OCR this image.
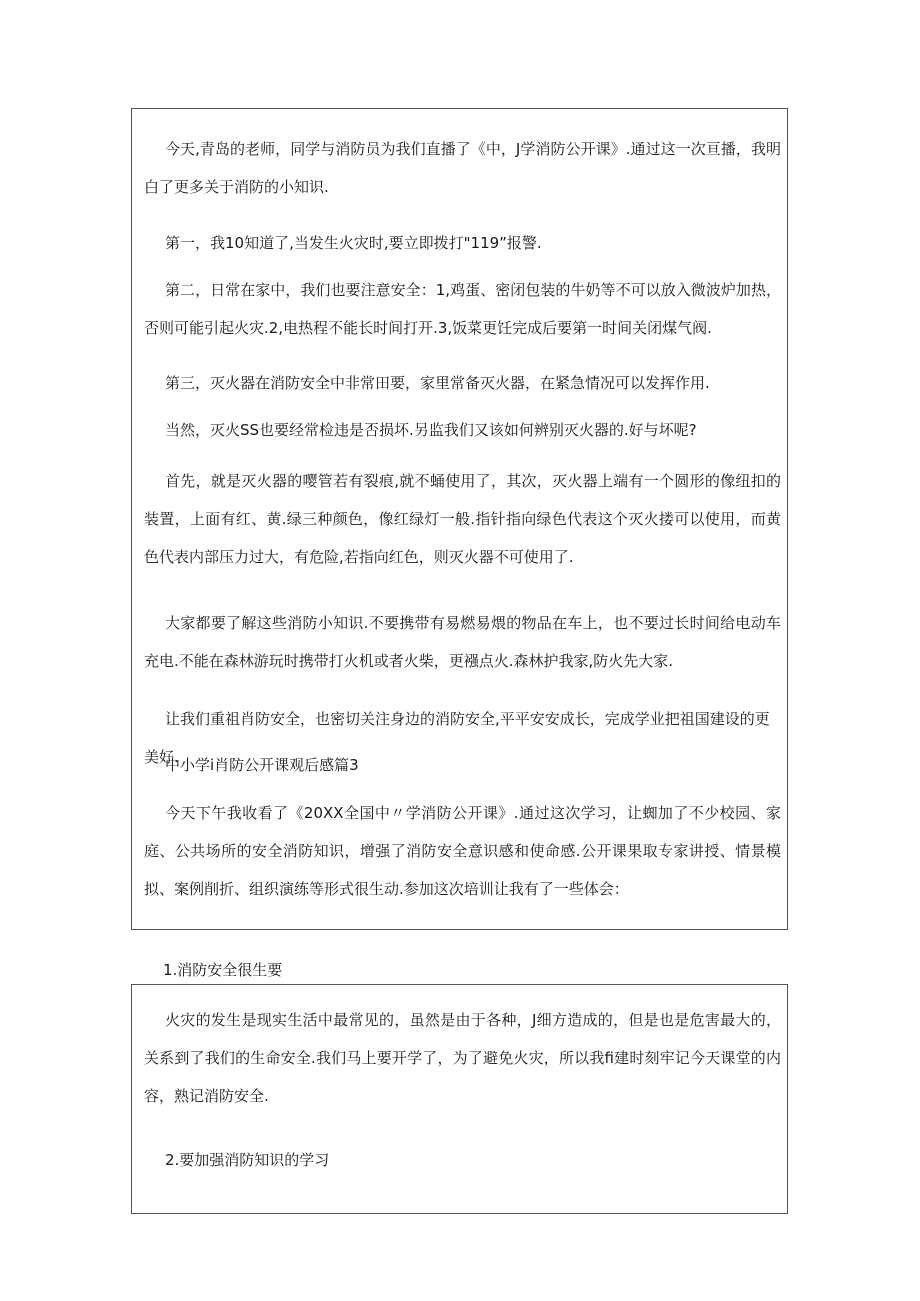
今天,青岛的老师，同学与消防员为我们直播了《中，J学消防公开课》.通过这一次亘播，我明白了更多关于消防的小知识.

第一，我10知道了,当发生火灾时,要立即拨打"119”报警.

第二，日常在家中，我们也要注意安全：1,鸡蛋、密闭包装的牛奶等不可以放入微波炉加热，否则可能引起火灾.2,电热程不能长时间打开.3,饭菜更饪完成后要第一时间关闭煤气阀.

第三，灭火器在消防安全中非常田要，家里常备灭火器，在紧急情况可以发挥作用.

当然，灭火SS也要经常检违是否损坏.另监我们又该如何辨别灭火器的.好与坏呢?

首先，就是灭火器的嘤管若有裂痕,就不蛹使用了，其次，灭火器上端有一个圆形的像纽扣的装置，上面有红、黄.绿三种颜色，像红绿灯一般.指针指向绿色代表这个灭火搂可以使用，而黄色代表内部压力过大，有危险,若指向红色，则灭火器不可使用了.

大家都要了解这些消防小知识.不要携带有易燃易煨的物品在车上，也不要过长时间给电动车充电.不能在森林游玩时携带打火机或者火柴，更襁点火.森林护我家,防火先大家.

让我们重祖肖防安全，也密切关注身边的消防安全,平平安安成长，完成学业把祖国建设的更美好.

中小学i肖防公开课观后感篇3

今天下午我收看了《20XX全国中〃学消防公开课》.通过这次学习，让蜘加了不少校园、家庭、公共场所的安全消防知识，增强了消防安全意识感和使命感.公开课果取专家讲授、情景模拟、案例削折、组织演练等形式很生动.参加这次培训让我有了一些体会：

1.消防安全很生要

火灾的发生是现实生活中最常见的，虽然是由于各种，J细方造成的，但是也是危害最大的，关系到了我们的生命安全.我们马上要开学了，为了避免火灾，所以我fi建时刻牢记今天课堂的内容，熟记消防安全.

2.要加强消防知识的学习
